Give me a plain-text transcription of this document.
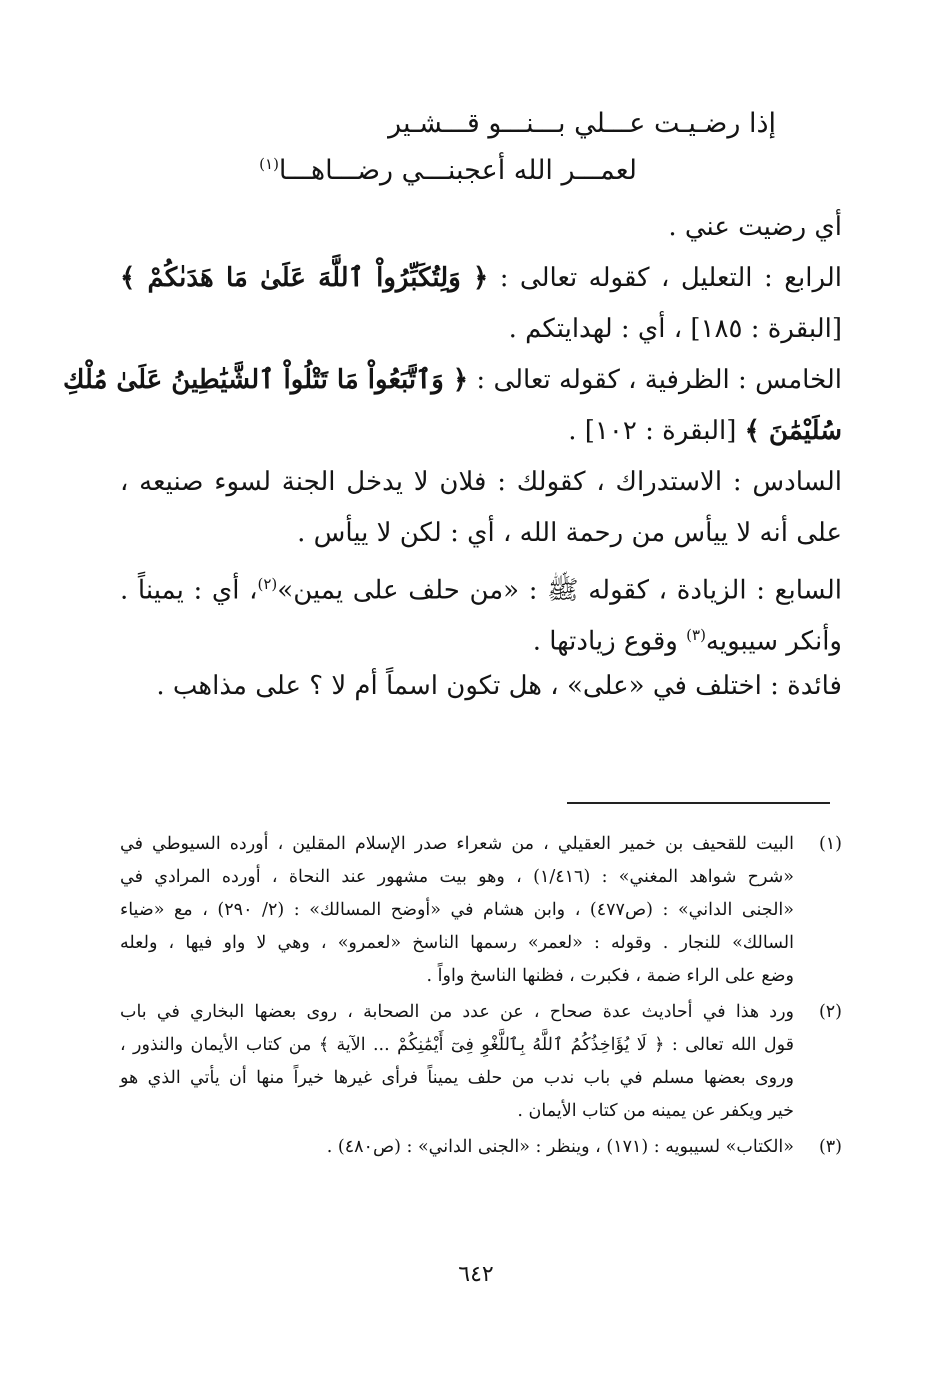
إذا رضـيـت عـــلي بـــنـــو قـــشـير
لعمـــر الله أعجبنـــي رضـــاهـــا$^{(١)}$
أي رضيت عني .
الرابع : التعليل ، كقوله تعالى : ﴿ وَلِتُكَبِّرُواْ ٱللَّهَ عَلَىٰ مَا هَدَىٰكُمْ ﴾
[البقرة : ١٨٥] ، أي : لهدايتكم .
الخامس : الظرفية ، كقوله تعالى : ﴿ وَٱتَّبَعُواْ مَا تَتْلُواْ ٱلشَّيَٰطِينُ عَلَىٰ مُلْكِ
سُلَيْمَٰنَ ﴾ [البقرة : ١٠٢] .
السادس : الاستدراك ، كقولك : فلان لا يدخل الجنة لسوء صنيعه ،
على أنه لا ييأس من رحمة الله ، أي : لكن لا ييأس .
السابع : الزيادة ، كقوله ﷺ : «من حلف على يمين»$^{(٢)}$، أي : يميناً .
وأنكر سيبويه$^{(٣)}$ وقوع زيادتها .
فائدة : اختلف في «على» ، هل تكون اسماً أم لا ؟ على مذاهب .
(١)
البيت للقحيف بن خمير العقيلي ، من شعراء صدر الإسلام المقلين ، أورده السيوطي في
«شرح شواهد المغني» : (١/٤١٦) ، وهو بيت مشهور عند النحاة ، أورده المرادي في
«الجنى الداني» : (ص٤٧٧) ، وابن هشام في «أوضح المسالك» : (٢/ ٢٩٠) ، مع «ضياء
السالك» للنجار . وقوله : «لعمر» رسمها الناسخ «لعمرو» ، وهي لا واو فيها ، ولعله
وضع على الراء ضمة ، فكبرت ، فظنها الناسخ واواً .
(٢)
ورد هذا في أحاديث عدة صحاح ، عن عدد من الصحابة ، روى بعضها البخاري في باب
قول الله تعالى : ﴿ لَا يُؤَاخِذُكُمُ ٱللَّهُ بِٱللَّغْوِ فِىٓ أَيْمَٰنِكُمْ ... الآية ﴾ من كتاب الأيمان والنذور ،
وروى بعضها مسلم في باب ندب من حلف يميناً فرأى غيرها خيراً منها أن يأتي الذي هو
خير ويكفر عن يمينه من كتاب الأيمان .
(٣)
«الكتاب» لسيبويه : (١٧١) ، وينظر : «الجنى الداني» : (ص٤٨٠) .
٦٤٢
